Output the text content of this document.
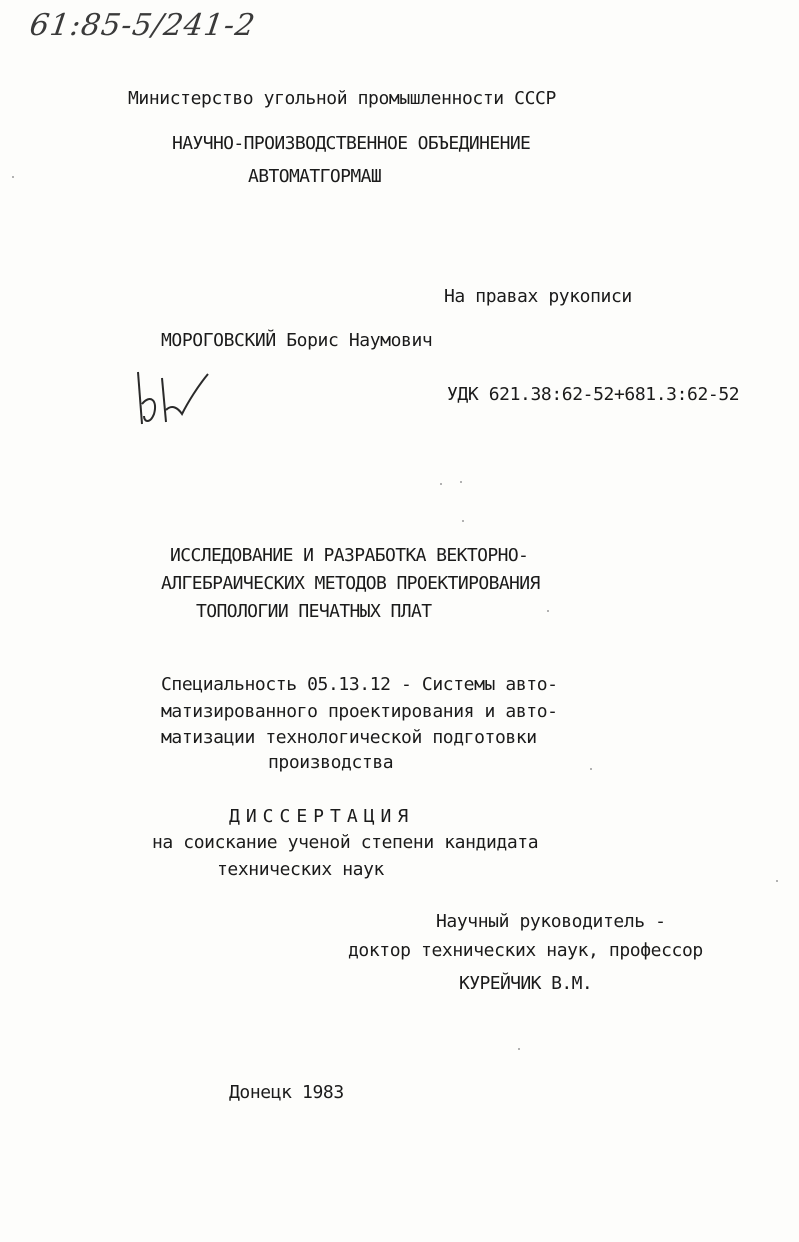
61:85-5/241-2
Министерство угольной промышленности СССР
НАУЧНО-ПРОИЗВОДСТВЕННОЕ ОБЪЕДИНЕНИЕ
АВТОМАТГОРМАШ
На правах рукописи
МОРОГОВСКИЙ Борис Наумович
УДК 621.38:62-52+681.3:62-52
ИССЛЕДОВАНИЕ И РАЗРАБОТКА ВЕКТОРНО-
АЛГЕБРАИЧЕСКИХ МЕТОДОВ ПРОЕКТИРОВАНИЯ
ТОПОЛОГИИ ПЕЧАТНЫХ ПЛАТ
Специальность 05.13.12 - Системы авто-
матизированного проектирования и авто-
матизации технологической подготовки
производства
ДИССЕРТАЦИЯ
на соискание ученой степени кандидата
технических наук
Научный руководитель -
доктор технических наук, профессор
КУРЕЙЧИК В.М.
Донецк 1983
